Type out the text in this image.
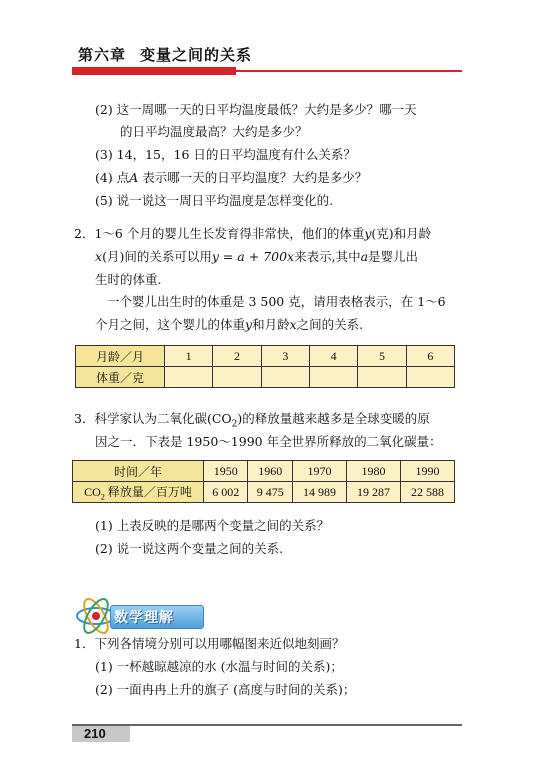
第六章 变量之间的关系
(2) 这一周哪一天的日平均温度最低？大约是多少？哪一天
的日平均温度最高？大约是多少？
(3) 14，15，16 日的日平均温度有什么关系？
(4) 点A 表示哪一天的日平均温度？大约是多少？
(5) 说一说这一周日平均温度是怎样变化的.
2．1～6 个月的婴儿生长发育得非常快，他们的体重y(克)和月龄
x(月)间的关系可以用y = a + 700x来表示,其中a是婴儿出
生时的体重.
一个婴儿出生时的体重是 3 500 克，请用表格表示，在 1～6
个月之间，这个婴儿的体重y和月龄x之间的关系.
月龄／月	1	2	3	4	5	6
体重／克						
3．科学家认为二氧化碳$(CO_2)$的释放量越来越多是全球变暖的原
因之一．下表是 1950～1990 年全世界所释放的二氧化碳量：
时间／年	1950	1960	1970	1980	1990
$CO_2$ 释放量／百万吨	6 002	9 475	14 989	19 287	22 588
(1) 上表反映的是哪两个变量之间的关系？
(2) 说一说这两个变量之间的关系.
数学理解
1．下列各情境分别可以用哪幅图来近似地刻画？
(1) 一杯越晾越凉的水 (水温与时间的关系)；
(2) 一面冉冉上升的旗子 (高度与时间的关系)；
210
